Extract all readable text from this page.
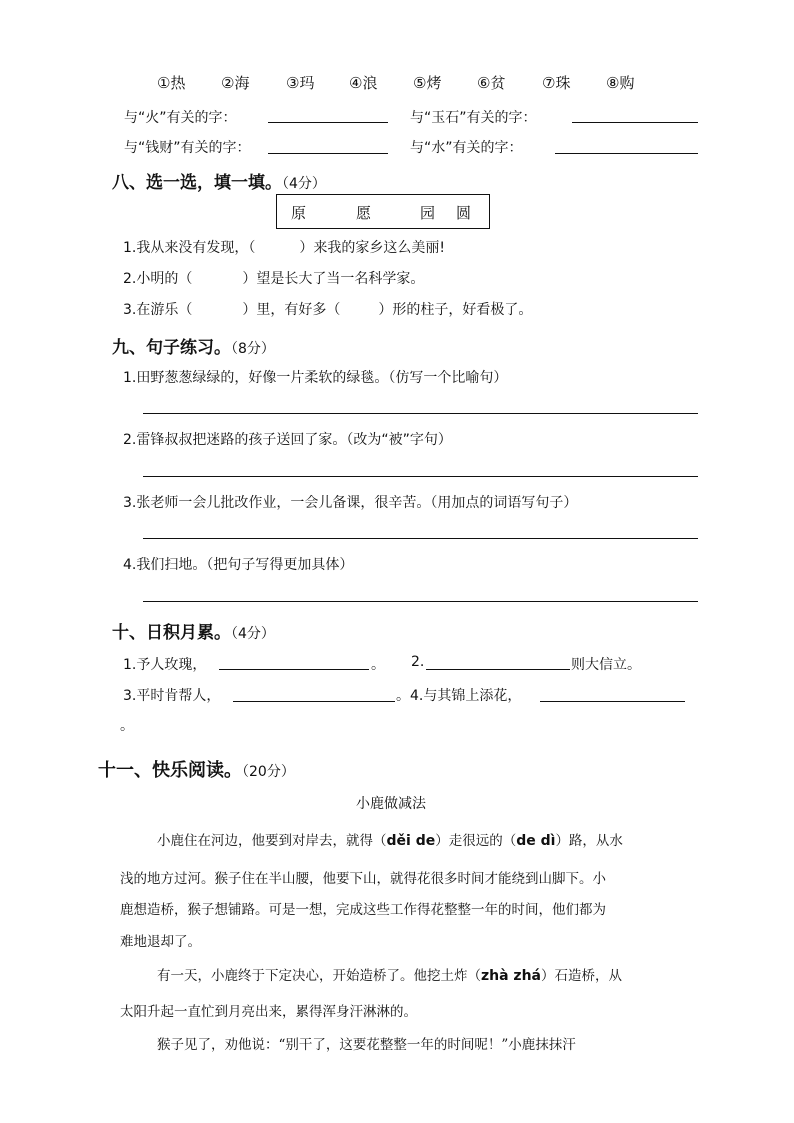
①热 ②海 ③玛 ④浪 ⑤烤 ⑥贫 ⑦珠 ⑧购
与“火”有关的字：	与“玉石”有关的字：
与“钱财”有关的字：	与“水”有关的字：
八、选一选，填一填。（4分）
原	愿	园 圆
1.我从来没有发现，（	）来我的家乡这么美丽!
2.小明的（	）望是长大了当一名科学家。
3.在游乐（	）里，有好多（	）形的柱子，好看极了。
九、句子练习。（8分）
1.田野葱葱绿绿的，好像一片柔软的绿毯。（仿写一个比喻句）
2.雷锋叔叔把迷路的孩子送回了家。（改为“被”字句）
3.张老师一会儿批改作业，一会儿备课，很辛苦。（用加点的词语写句子）
4.我们扫地。（把句子写得更加具体）
十、日积月累。（4分）
1.予人玫瑰，	。 2.	则大信立。
3.平时肯帮人，	。 4.与其锦上添花，
。
十一、快乐阅读。（20分）
小鹿做减法
小鹿住在河边，他要到对岸去，就得（děi de）走很远的（de dì）路，从水
浅的地方过河。猴子住在半山腰，他要下山，就得花很多时间才能绕到山脚下。小
鹿想造桥，猴子想铺路。可是一想，完成这些工作得花整整一年的时间，他们都为
难地退却了。
有一天，小鹿终于下定决心，开始造桥了。他挖土炸（zhà zhá）石造桥，从
太阳升起一直忙到月亮出来，累得浑身汗淋淋的。
猴子见了，劝他说：“别干了，这要花整整一年的时间呢！”小鹿抹抹汗
